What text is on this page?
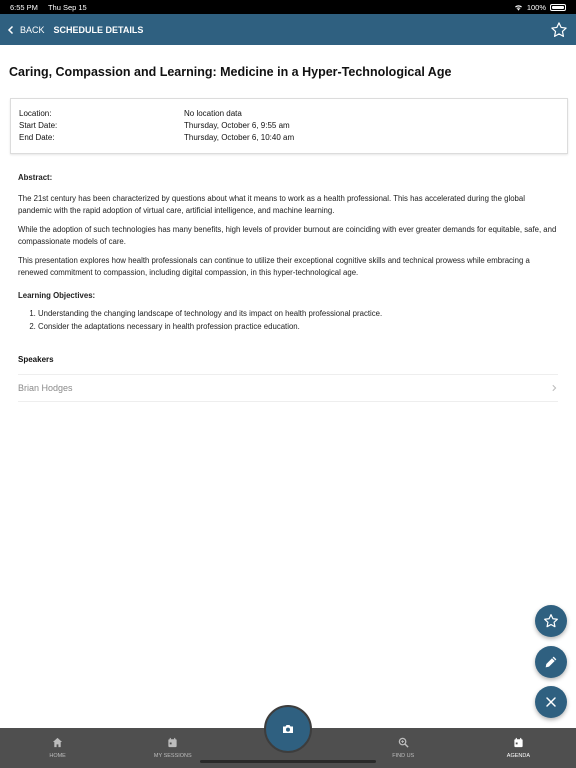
6:55 PM Thu Sep 15	100%
BACK SCHEDULE DETAILS
Caring, Compassion and Learning: Medicine in a Hyper-Technological Age
Location:	No location data
Start Date:	Thursday, October 6, 9:55 am
End Date:	Thursday, October 6, 10:40 am
Abstract:

The 21st century has been characterized by questions about what it means to work as a health professional. This has accelerated during the global pandemic with the rapid adoption of virtual care, artificial intelligence, and machine learning.

While the adoption of such technologies has many benefits, high levels of provider burnout are coinciding with ever greater demands for equitable, safe, and compassionate models of care.

This presentation explores how health professionals can continue to utilize their exceptional cognitive skills and technical prowess while embracing a renewed commitment to compassion, including digital compassion, in this hyper-technological age.

Learning Objectives:
1. Understanding the changing landscape of technology and its impact on health professional practice.
2. Consider the adaptations necessary in health profession practice education.
Speakers
Brian Hodges
HOME	MY SESSIONS	FIND US	AGENDA
